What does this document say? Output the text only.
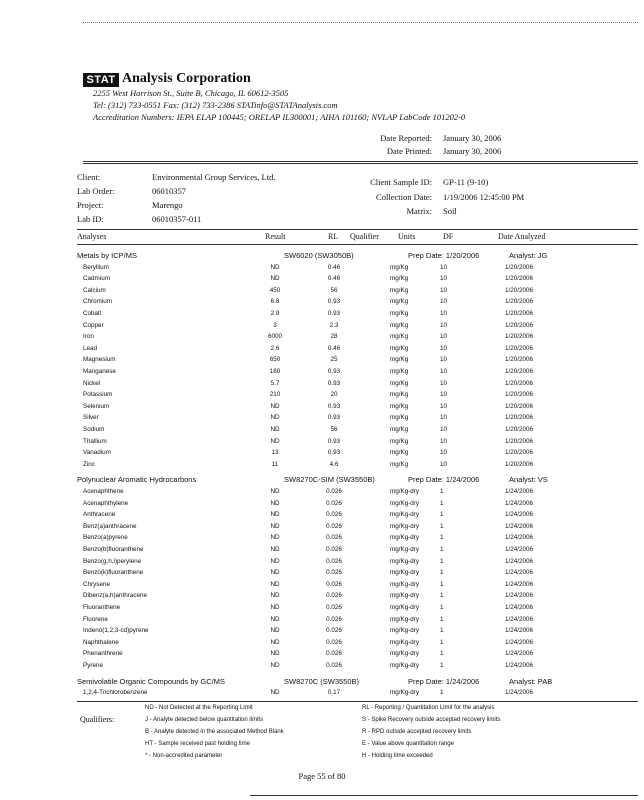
STAT Analysis Corporation
2255 West Harrison St., Suite B, Chicago, IL 60612-3505
Tel: (312) 733-0551 Fax: (312) 733-2386 STATinfo@STATAnalysis.com
Accreditation Numbers: IEPA ELAP 100445; ORELAP IL300001; AIHA 101160; NVLAP LabCode 101202-0
Date Reported: January 30, 2006
Date Printed: January 30, 2006
Client:	Environmental Group Services, Ltd.
Lab Order:	06010357
Project:	Marengo
Lab ID:	06010357-011
Client Sample ID: GP-11 (9-10)
Collection Date: 1/19/2006 12:45:00 PM
Matrix: Soil
Analyses	Result	RL Qualifier Units	DF	Date Analyzed
Metals by ICP/MS	SW6020 (SW3050B)	Prep Date: 1/20/2006	Analyst: JG
Beryllium	ND	0.46	mg/Kg	10	1/20/2006
Cadmium	ND	0.46	mg/Kg	10	1/20/2006
Calcium	450	56	mg/Kg	10	1/20/2006
Chromium	6.8	0.93	mg/Kg	10	1/20/2006
Cobalt	2.9	0.93	mg/Kg	10	1/20/2006
Copper	3	2.3	mg/Kg	10	1/20/2006
Iron	6000	28	mg/Kg	10	1/20/2006
Lead	2.6	0.46	mg/Kg	10	1/20/2006
Magnesium	650	25	mg/Kg	10	1/20/2006
Manganese	180	0.93	mg/Kg	10	1/20/2006
Nickel	5.7	0.93	mg/Kg	10	1/20/2006
Potassium	210	20	mg/Kg	10	1/20/2006
Selenium	ND	0.93	mg/Kg	10	1/20/2006
Silver	ND	0.93	mg/Kg	10	1/20/2006
Sodium	ND	56	mg/Kg	10	1/20/2006
Thallium	ND	0.93	mg/Kg	10	1/20/2006
Vanadium	13	0.93	mg/Kg	10	1/20/2006
Zinc	11	4.6	mg/Kg	10	1/20/2006
Polynuclear Aromatic Hydrocarbons	SW8270C-SIM (SW3550B)	Prep Date: 1/24/2006	Analyst: VS
Acenaphthene	ND	0.026	mg/Kg-dry	1	1/24/2006
Acenaphthylene	ND	0.026	mg/Kg-dry	1	1/24/2006
Anthracene	ND	0.026	mg/Kg-dry	1	1/24/2006
Benz(a)anthracene	ND	0.026	mg/Kg-dry	1	1/24/2006
Benzo(a)pyrene	ND	0.026	mg/Kg-dry	1	1/24/2006
Benzo(b)fluoranthene	ND	0.026	mg/Kg-dry	1	1/24/2006
Benzo(g,h,i)perylene	ND	0.026	mg/Kg-dry	1	1/24/2006
Benzo(k)fluoranthene	ND	0.026	mg/Kg-dry	1	1/24/2006
Chrysene	ND	0.026	mg/Kg-dry	1	1/24/2006
Dibenz(a,h)anthracene	ND	0.026	mg/Kg-dry	1	1/24/2006
Fluoranthene	ND	0.026	mg/Kg-dry	1	1/24/2006
Fluorene	ND	0.026	mg/Kg-dry	1	1/24/2006
Indeno(1,2,3-cd)pyrene	ND	0.026	mg/Kg-dry	1	1/24/2006
Naphthalene	ND	0.026	mg/Kg-dry	1	1/24/2006
Phenanthrene	ND	0.026	mg/Kg-dry	1	1/24/2006
Pyrene	ND	0.026	mg/Kg-dry	1	1/24/2006
Semivolatile Organic Compounds by GC/MS	SW8270C (SW3550B)	Prep Date: 1/24/2006	Analyst: PAB
1,2,4-Trichlorobenzene	ND	0.17	mg/Kg-dry	1	1/24/2006
Qualifiers:
ND - Not Detected at the Reporting Limit
J - Analyte detected below quantitation limits
B - Analyte detected in the associated Method Blank
HT - Sample received past holding time
* - Non-accredited parameter
RL - Reporting / Quantitation Limit for the analysis
S - Spike Recovery outside accepted recovery limits
R - RPD outside accepted recovery limits
E - Value above quantitation range
H - Holding time exceeded
Page 55 of 80
